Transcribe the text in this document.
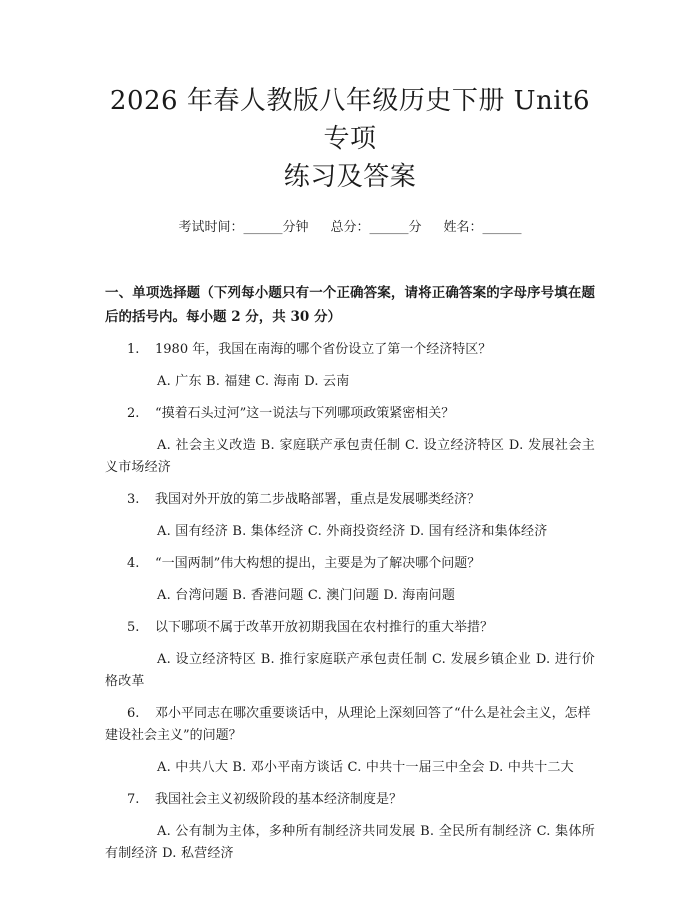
2026 年春人教版八年级历史下册 Unit6 专项
练习及答案
考试时间：______分钟 总分：______分 姓名：______
一、单项选择题（下列每小题只有一个正确答案，请将正确答案的字母序号填在题后的括号内。每小题 2 分，共 30 分）
1. 1980 年，我国在南海的哪个省份设立了第一个经济特区？
A. 广东 B. 福建 C. 海南 D. 云南
2. “摸着石头过河”这一说法与下列哪项政策紧密相关？
A. 社会主义改造 B. 家庭联产承包责任制 C. 设立经济特区 D. 发展社会主义市场经济
3. 我国对外开放的第二步战略部署，重点是发展哪类经济？
A. 国有经济 B. 集体经济 C. 外商投资经济 D. 国有经济和集体经济
4. “一国两制”伟大构想的提出，主要是为了解决哪个问题？
A. 台湾问题 B. 香港问题 C. 澳门问题 D. 海南问题
5. 以下哪项不属于改革开放初期我国在农村推行的重大举措？
A. 设立经济特区 B. 推行家庭联产承包责任制 C. 发展乡镇企业 D. 进行价格改革
6. 邓小平同志在哪次重要谈话中，从理论上深刻回答了“什么是社会主义，怎样建设社会主义”的问题？
A. 中共八大 B. 邓小平南方谈话 C. 中共十一届三中全会 D. 中共十二大
7. 我国社会主义初级阶段的基本经济制度是？
A. 公有制为主体，多种所有制经济共同发展 B. 全民所有制经济 C. 集体所有制经济 D. 私营经济
